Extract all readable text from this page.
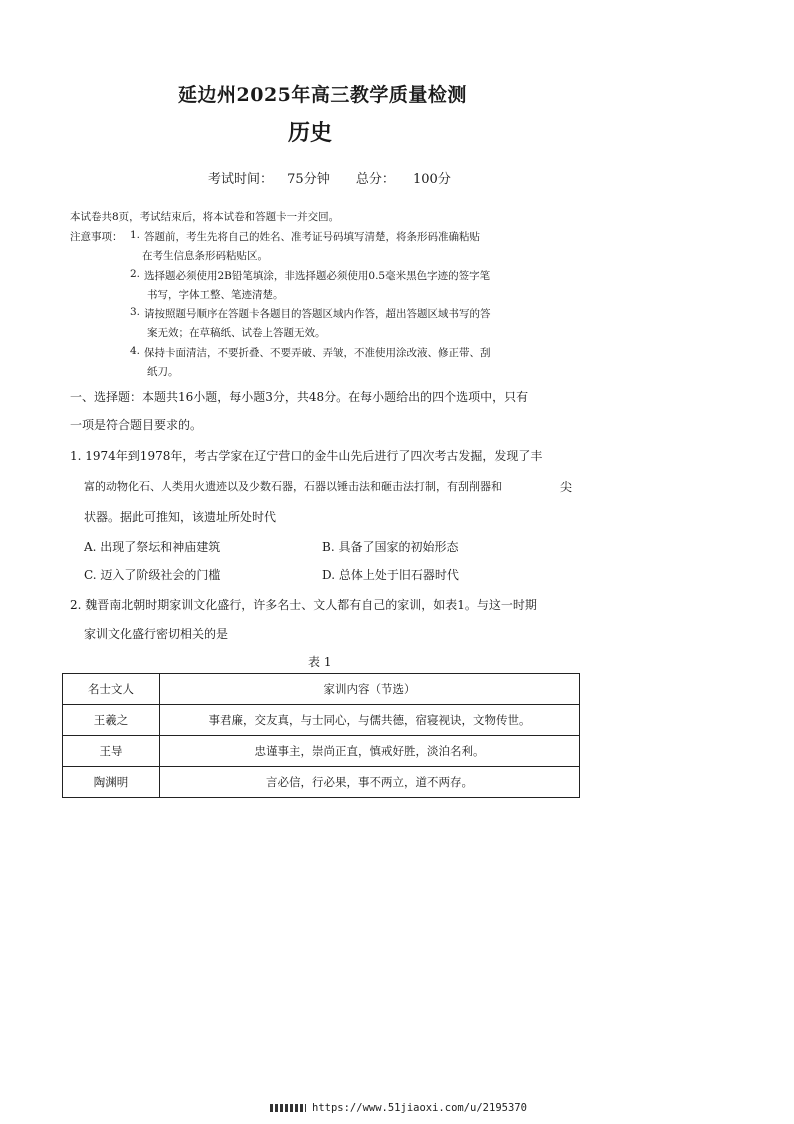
延边州2025年高三教学质量检测
历史
考试时间： 75分钟 总分： 100分
本试卷共8页，考试结束后，将本试卷和答题卡一并交回。
注意事项： 1. 答题前，考生先将自己的姓名、准考证号码填写清楚，将条形码准确粘贴
在考生信息条形码粘贴区。
2. 选择题必须使用2B铅笔填涂，非选择题必须使用0.5毫米黑色字迹的签字笔
书写，字体工整、笔迹清楚。
3. 请按照题号顺序在答题卡各题目的答题区域内作答，超出答题区域书写的答
案无效；在草稿纸、试卷上答题无效。
4. 保持卡面清洁，不要折叠、不要弄破、弄皱，不准使用涂改液、修正带、刮
纸刀。
一、选择题：本题共16小题，每小题3分，共48分。在每小题给出的四个选项中，只有
一项是符合题目要求的。
1. 1974年到1978年，考古学家在辽宁营口的金牛山先后进行了四次考古发掘，发现了丰
富的动物化石、人类用火遗迹以及少数石器，石器以锤击法和砸击法打制，有刮削器和	尖
状器。据此可推知，该遗址所处时代
A. 出现了祭坛和神庙建筑	B. 具备了国家的初始形态
C. 迈入了阶级社会的门槛	D. 总体上处于旧石器时代
2. 魏晋南北朝时期家训文化盛行，许多名士、文人都有自己的家训，如表1。与这一时期
家训文化盛行密切相关的是
表 1
名士文人	家训内容（节选）
王羲之	事君廉，交友真，与士同心，与儒共德，宿寝视诀，文物传世。
王导	忠谨事主，崇尚正直，慎戒好胜，淡泊名利。
陶渊明	言必信，行必果，事不两立，道不两存。
https://www.51jiaoxi.com/u/2195370
